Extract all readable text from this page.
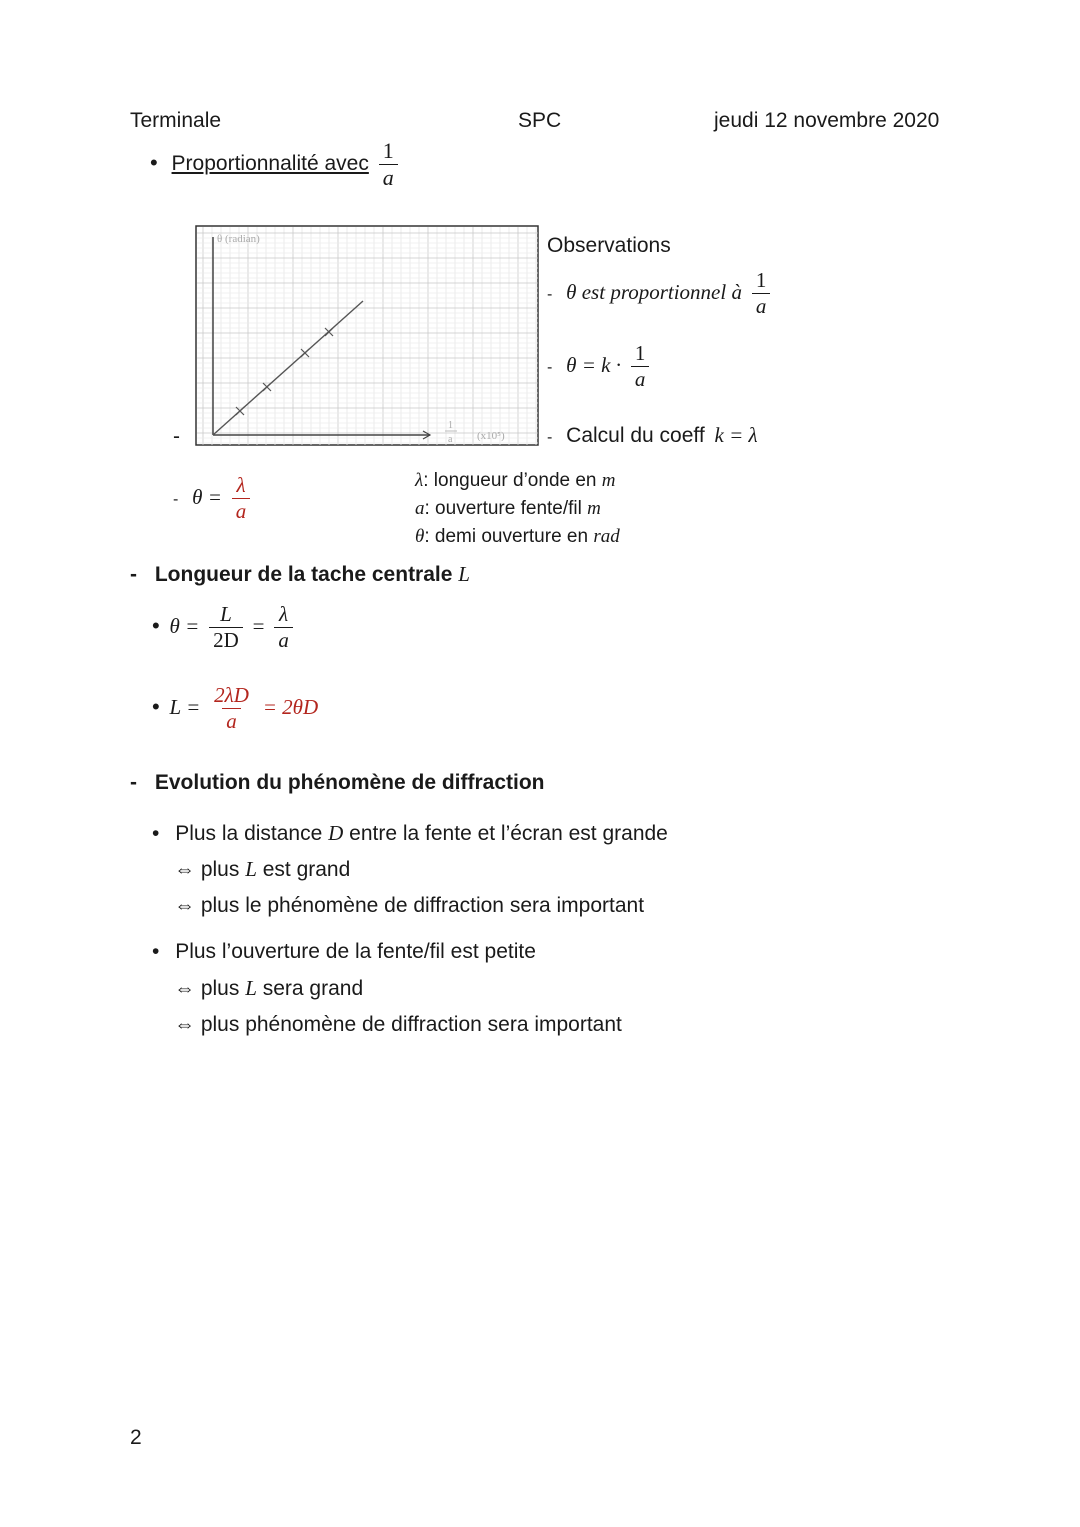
Terminale	SPC	jeudi 12 novembre 2020
• Proportionnalité avec $\frac{1}{a}$
-
θ (radian)
1
a (x10⁵)
Observations
- θ est proportionnel à $\frac{1}{a}$
- $\theta = k \cdot \frac{1}{a}$
- Calcul du coeff k = λ
- $\theta = \frac{\lambda}{a}$	λ: longueur d’onde en m
a: ouverture fente/fil m
θ: demi ouverture en rad
- Longueur de la tache centrale L
• $\theta = \frac{L}{2D} = \frac{\lambda}{a}$
• $L = \frac{2\lambda D}{a} = 2\theta D$
- Evolution du phénomène de diffraction
• Plus la distance D entre la fente et l’écran est grande
⇔ plus L est grand
⇔ plus le phénomène de diffraction sera important
• Plus l’ouverture de la fente/fil est petite
⇔ plus L sera grand
⇔ plus phénomène de diffraction sera important
2
